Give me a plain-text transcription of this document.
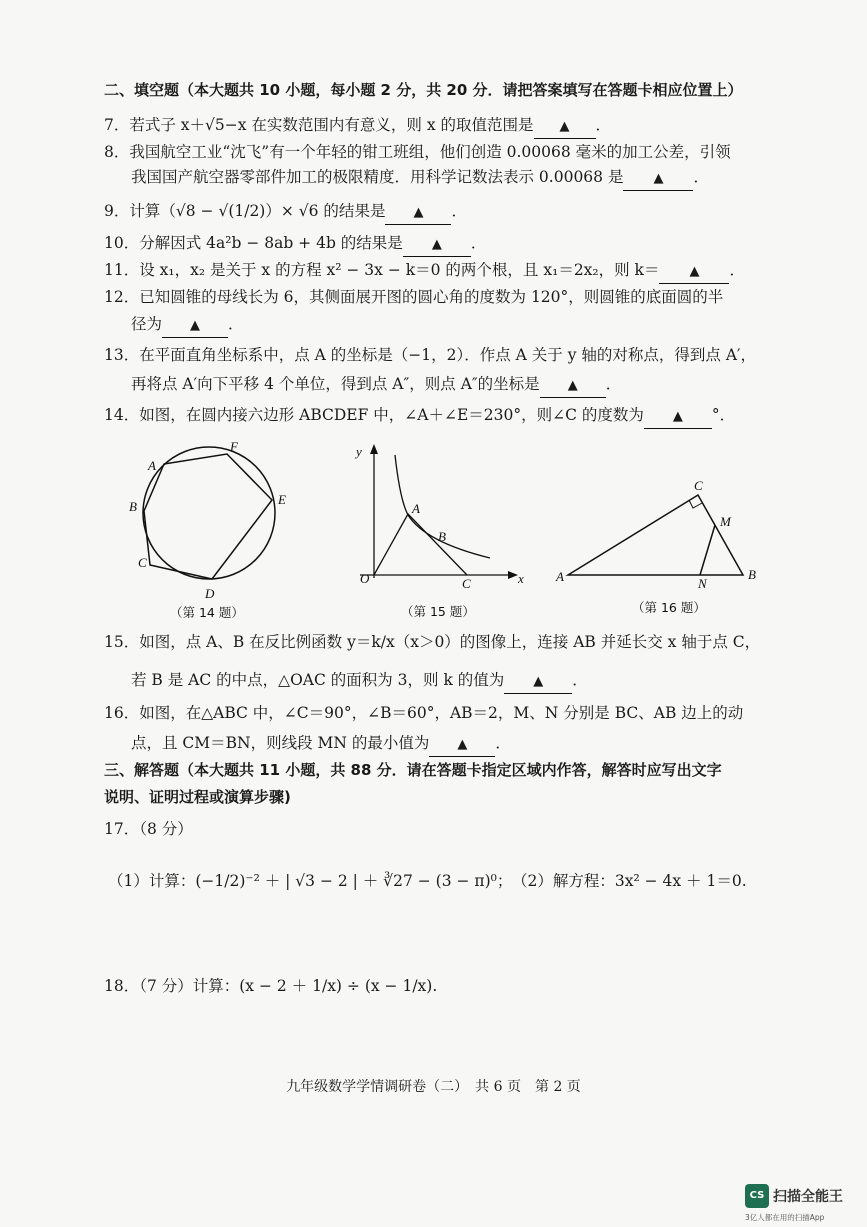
二、填空题（本大题共 10 小题，每小题 2 分，共 20 分．请把答案填写在答题卡相应位置上）
7．若式子 x＋√5−x 在实数范围内有意义，则 x 的取值范围是 ▲ ．
8．我国航空工业“沈飞”有一个年轻的钳工班组，他们创造 0.00068 毫米的加工公差，引领
我国国产航空器零部件加工的极限精度．用科学记数法表示 0.00068 是 ▲ ．
9．计算（√8 − √(1/2)）× √6 的结果是 ▲ ．
10．分解因式 4a²b − 8ab + 4b 的结果是 ▲ ．
11．设 x₁，x₂ 是关于 x 的方程 x² − 3x − k＝0 的两个根，且 x₁＝2x₂，则 k＝ ▲ ．
12．已知圆锥的母线长为 6，其侧面展开图的圆心角的度数为 120°，则圆锥的底面圆的半
径为 ▲ ．
13．在平面直角坐标系中，点 A 的坐标是（−1，2）．作点 A 关于 y 轴的对称点，得到点 A′，
再将点 A′向下平移 4 个单位，得到点 A″，则点 A″的坐标是 ▲ ．
14．如图，在圆内接六边形 ABCDEF 中，∠A＋∠E＝230°，则∠C 的度数为 ▲ °．
A
F
E
B
C
D
（第 14 题）
y
x
O
A
B
C
（第 15 题）
C
M
A	B
N
（第 16 题）
15．如图，点 A、B 在反比例函数 y＝k/x（x＞0）的图像上，连接 AB 并延长交 x 轴于点 C，
若 B 是 AC 的中点，△OAC 的面积为 3，则 k 的值为 ▲ ．
16．如图，在△ABC 中，∠C＝90°，∠B＝60°，AB＝2，M、N 分别是 BC、AB 边上的动
点，且 CM＝BN，则线段 MN 的最小值为 ▲ ．
三、解答题（本大题共 11 小题，共 88 分．请在答题卡指定区域内作答，解答时应写出文字
说明、证明过程或演算步骤)
17．（8 分）
（1）计算：(−1/2)⁻² ＋ | √3 − 2 | ＋ ∛27 − (3 − π)⁰； （2）解方程：3x² − 4x ＋ 1＝0.
18．（7 分）计算：(x − 2 ＋ 1/x) ÷ (x − 1/x).
九年级数学学情调研卷（二）　共 6 页　第 2 页
CS 扫描全能王
3亿人都在用的扫描App
